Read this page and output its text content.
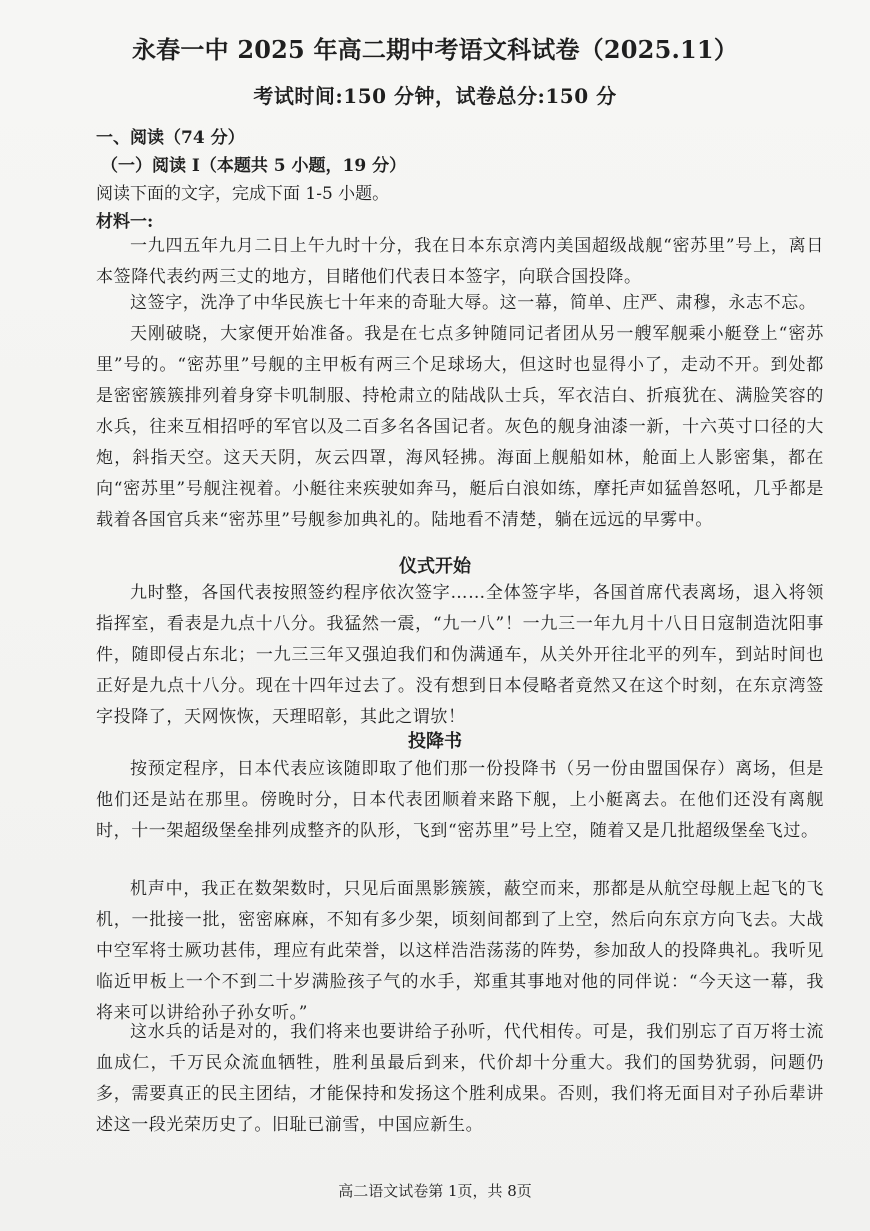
永春一中 2025 年高二期中考语文科试卷（2025.11）
考试时间:150 分钟，试卷总分:150 分
一、阅读（74 分）
（一）阅读 I（本题共 5 小题，19 分）
阅读下面的文字，完成下面 1-5 小题。
材料一:
一九四五年九月二日上午九时十分，我在日本东京湾内美国超级战舰“密苏里”号上，离日本签降代表约两三丈的地方，目睹他们代表日本签字，向联合国投降。
这签字，洗净了中华民族七十年来的奇耻大辱。这一幕，简单、庄严、肃穆，永志不忘。
天刚破晓，大家便开始准备。我是在七点多钟随同记者团从另一艘军舰乘小艇登上“密苏里”号的。“密苏里”号舰的主甲板有两三个足球场大，但这时也显得小了，走动不开。到处都是密密簇簇排列着身穿卡叽制服、持枪肃立的陆战队士兵，军衣洁白、折痕犹在、满脸笑容的水兵，往来互相招呼的军官以及二百多名各国记者。灰色的舰身油漆一新，十六英寸口径的大炮，斜指天空。这天天阴，灰云四罩，海风轻拂。海面上舰船如林，舱面上人影密集，都在向“密苏里”号舰注视着。小艇往来疾驶如奔马，艇后白浪如练，摩托声如猛兽怒吼，几乎都是载着各国官兵来“密苏里”号舰参加典礼的。陆地看不清楚，躺在远远的早雾中。
仪式开始
九时整，各国代表按照签约程序依次签字……全体签字毕，各国首席代表离场，退入将领指挥室，看表是九点十八分。我猛然一震，“九一八”！一九三一年九月十八日日寇制造沈阳事件，随即侵占东北；一九三三年又强迫我们和伪满通车，从关外开往北平的列车，到站时间也正好是九点十八分。现在十四年过去了。没有想到日本侵略者竟然又在这个时刻，在东京湾签字投降了，天网恢恢，天理昭彰，其此之谓欤！
投降书
按预定程序，日本代表应该随即取了他们那一份投降书（另一份由盟国保存）离场，但是他们还是站在那里。傍晚时分，日本代表团顺着来路下舰，上小艇离去。在他们还没有离舰时，十一架超级堡垒排列成整齐的队形，飞到“密苏里”号上空，随着又是几批超级堡垒飞过。
机声中，我正在数架数时，只见后面黑影簇簇，蔽空而来，那都是从航空母舰上起飞的飞机，一批接一批，密密麻麻，不知有多少架，顷刻间都到了上空，然后向东京方向飞去。大战中空军将士厥功甚伟，理应有此荣誉，以这样浩浩荡荡的阵势，参加敌人的投降典礼。我听见临近甲板上一个不到二十岁满脸孩子气的水手，郑重其事地对他的同伴说：“今天这一幕，我将来可以讲给孙子孙女听。”
这水兵的话是对的，我们将来也要讲给子孙听，代代相传。可是，我们别忘了百万将士流血成仁，千万民众流血牺牲，胜利虽最后到来，代价却十分重大。我们的国势犹弱，问题仍多，需要真正的民主团结，才能保持和发扬这个胜利成果。否则，我们将无面目对子孙后辈讲述这一段光荣历史了。旧耻已湔雪，中国应新生。
高二语文试卷第 1页，共 8页
